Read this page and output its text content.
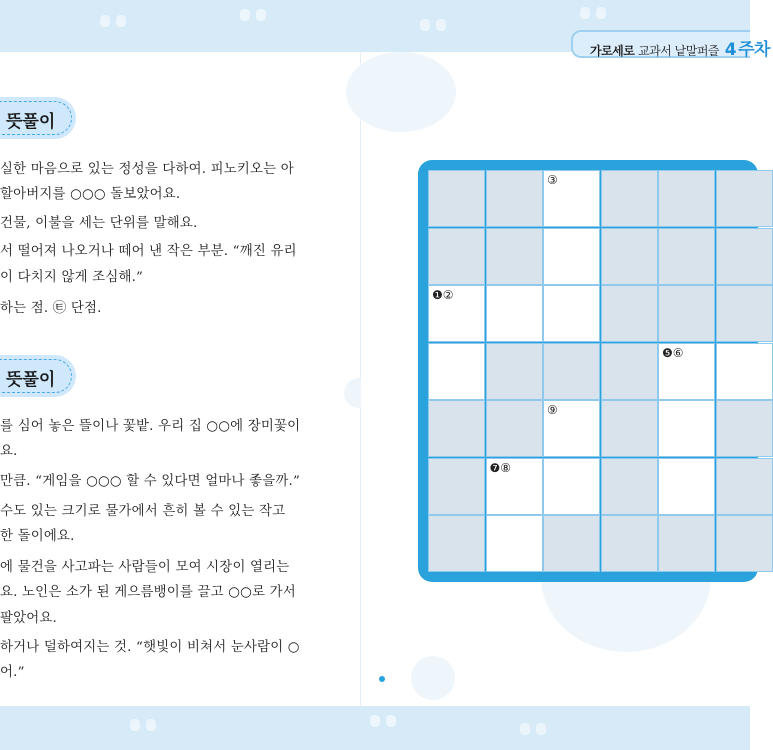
가로세로 교과서 낱말퍼즐 4 주차
뜻풀이
실한 마음으로 있는 정성을 다하여. 피노키오는 아
할아버지를 ○○○ 돌보았어요.
건물, 이불을 세는 단위를 말해요.
서 떨어져 나오거나 떼어 낸 작은 부분. “깨진 유리
이 다치지 않게 조심해.”
하는 점. ㉫ 단점.
뜻풀이
를 심어 놓은 뜰이나 꽃밭. 우리 집 ○○에 장미꽃이
요.
만큼. “게임을 ○○○ 할 수 있다면 얼마나 좋을까.”
수도 있는 크기로 물가에서 흔히 볼 수 있는 작고
한 돌이에요.
에 물건을 사고파는 사람들이 모여 시장이 열리는
요. 노인은 소가 된 게으름뱅이를 끌고 ○○로 가서
팔았어요.
하거나 덜하여지는 것. “햇빛이 비쳐서 눈사람이 ○
어.”
③
❶②
❺⑥
⑨
❼⑧
